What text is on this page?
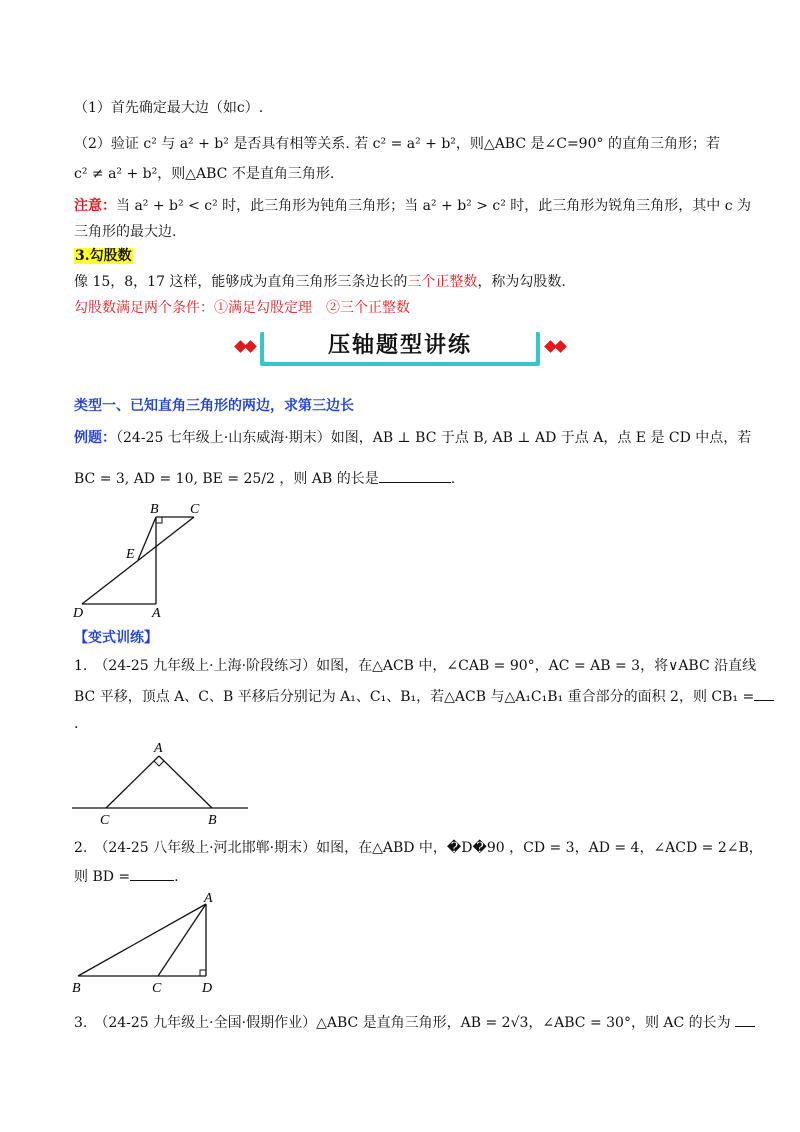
（1）首先确定最大边（如c）.
（2）验证 c² 与 a² + b² 是否具有相等关系. 若 c² = a² + b²，则△ABC 是∠C=90° 的直角三角形；若
c² ≠ a² + b²，则△ABC 不是直角三角形.
注意：当 a² + b² < c² 时，此三角形为钝角三角形；当 a² + b² > c² 时，此三角形为锐角三角形，其中 c 为
三角形的最大边.
3.勾股数
像 15，8，17 这样，能够成为直角三角形三条边长的三个正整数，称为勾股数.
勾股数满足两个条件：①满足勾股定理　②三个正整数
压轴题型讲练
类型一、已知直角三角形的两边，求第三边长
例题：（24-25 七年级上·山东威海·期末）如图，AB ⊥ BC 于点 B, AB ⊥ AD 于点 A，点 E 是 CD 中点，若
BC = 3, AD = 10, BE = 25/2 ，则 AB 的长是	.
B C
E
D	A
【变式训练】
1.　（24-25 九年级上·上海·阶段练习）如图，在△ACB 中，∠CAB = 90°，AC = AB = 3，将∨ABC 沿直线
BC 平移，顶点 A、C、B 平移后分别记为 A₁、C₁、B₁，若△ACB 与△A₁C₁B₁ 重合部分的面积 2，则 CB₁ =
.
A
C	B
2.　（24-25 八年级上·河北邯郸·期末）如图，在△ABD 中，�D�90 ，CD = 3，AD = 4，∠ACD = 2∠B，
则 BD =	.
A
B	C	D
3.　（24-25 九年级上·全国·假期作业）△ABC 是直角三角形，AB = 2√3，∠ABC = 30°，则 AC 的长为
